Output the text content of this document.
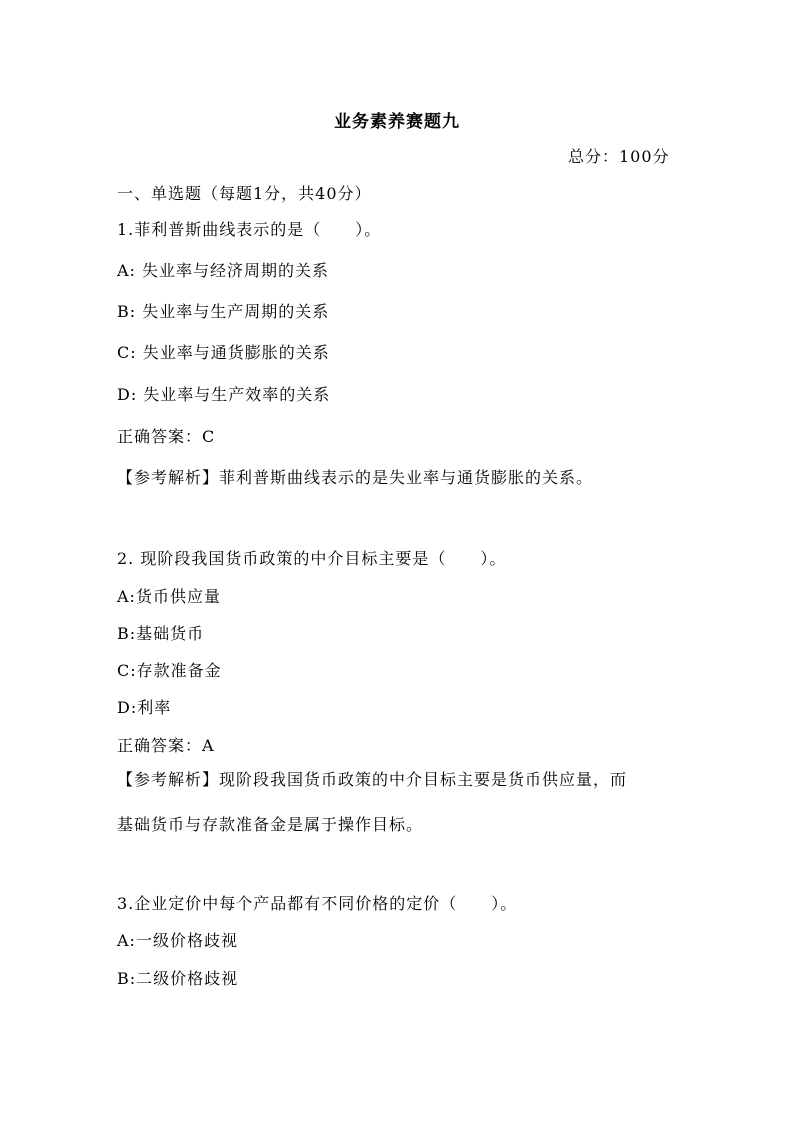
业务素养赛题九
总分：100分
一、单选题（每题1分，共40分）
1.菲利普斯曲线表示的是（　　）。
A: 失业率与经济周期的关系
B: 失业率与生产周期的关系
C: 失业率与通货膨胀的关系
D: 失业率与生产效率的关系
正确答案：C
【参考解析】菲利普斯曲线表示的是失业率与通货膨胀的关系。
2. 现阶段我国货币政策的中介目标主要是（　　）。
A:货币供应量
B:基础货币
C:存款准备金
D:利率
正确答案：A
【参考解析】现阶段我国货币政策的中介目标主要是货币供应量，而
基础货币与存款准备金是属于操作目标。
3.企业定价中每个产品都有不同价格的定价（　　）。
A:一级价格歧视
B:二级价格歧视
